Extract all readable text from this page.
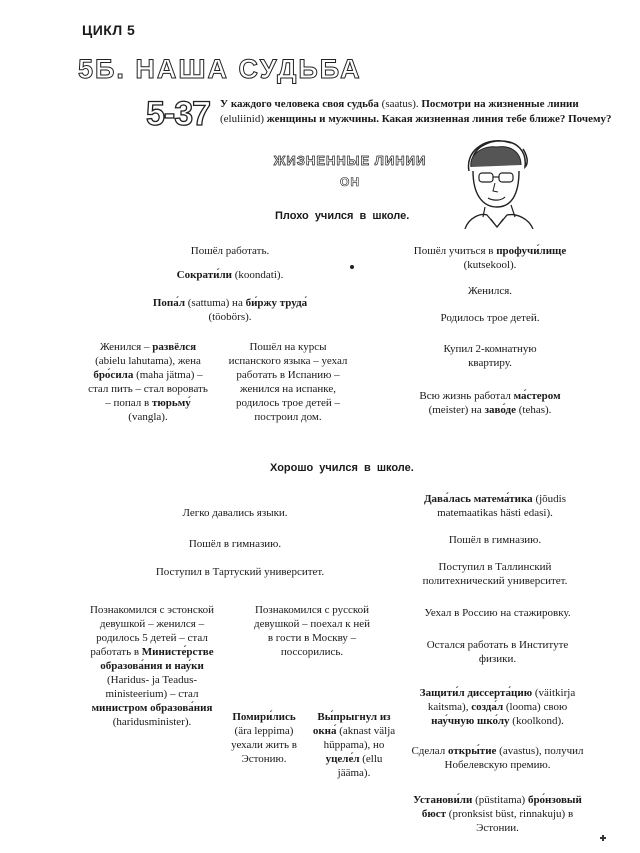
ЦИКЛ 5
5Б. НАША СУДЬБА
5-37 У каждого человека своя судьба (saatus). Посмотри на жизненные линии (eluliinid) женщины и мужчины. Какая жизненная линия тебе ближе? Почему?
ЖИЗНЕННЫЕ ЛИНИИ
ОН
Плохо учился в школе.
Пошёл работать.
Сократи́ли (koondati).
Попа́л (sattuma) на би́ржу труда́ (töobörs).
Женился – развёлся (abielu lahutama), жена бро́сила (maha jätma) – стал пить – стал воровать – попал в тюрьму́ (vangla).
Пошёл на курсы испанского языка – уехал работать в Испанию – женился на испанке, родилось трое детей – построил дом.
Пошёл учиться в профучи́лище (kutsekool).
Женился.
Родилось трое детей.
Купил 2-комнатную квартиру.
Всю жизнь работал ма́стером (meister) на заво́де (tehas).
Хорошо учился в школе.
Легко давались языки.
Пошёл в гимназию.
Поступил в Тартуский университет.
Познакомился с эстонской девушкой – женился – родилось 5 детей – стал работать в Министе́рстве образова́ния и нау́ки (Haridus- ja Teadus-ministeerium) – стал министром образова́ния (haridusminister).
Познакомился с русской девушкой – поехал к ней в гости в Москву – поссорились.
Помири́лись (ära leppima) уехали жить в Эстонию.
Вы́прыгнул из окна́ (aknast välja hüppama), но уцеле́л (ellu jääma).
Дава́лась матема́тика (jõudis matemaatikas hästi edasi).
Пошёл в гимназию.
Поступил в Таллинский политехнический университет.
Уехал в Россию на стажировку.
Остался работать в Институте физики.
Защити́л диссерта́цию (väitkirja kaitsma), созда́л (looma) свою нау́чную шко́лу (koolkond).
Сделал откры́тие (avastus), получил Нобелевскую премию.
Установи́ли (püstitama) бро́нзовый бюст (pronksist büst, rinnakuju) в Эстонии.
